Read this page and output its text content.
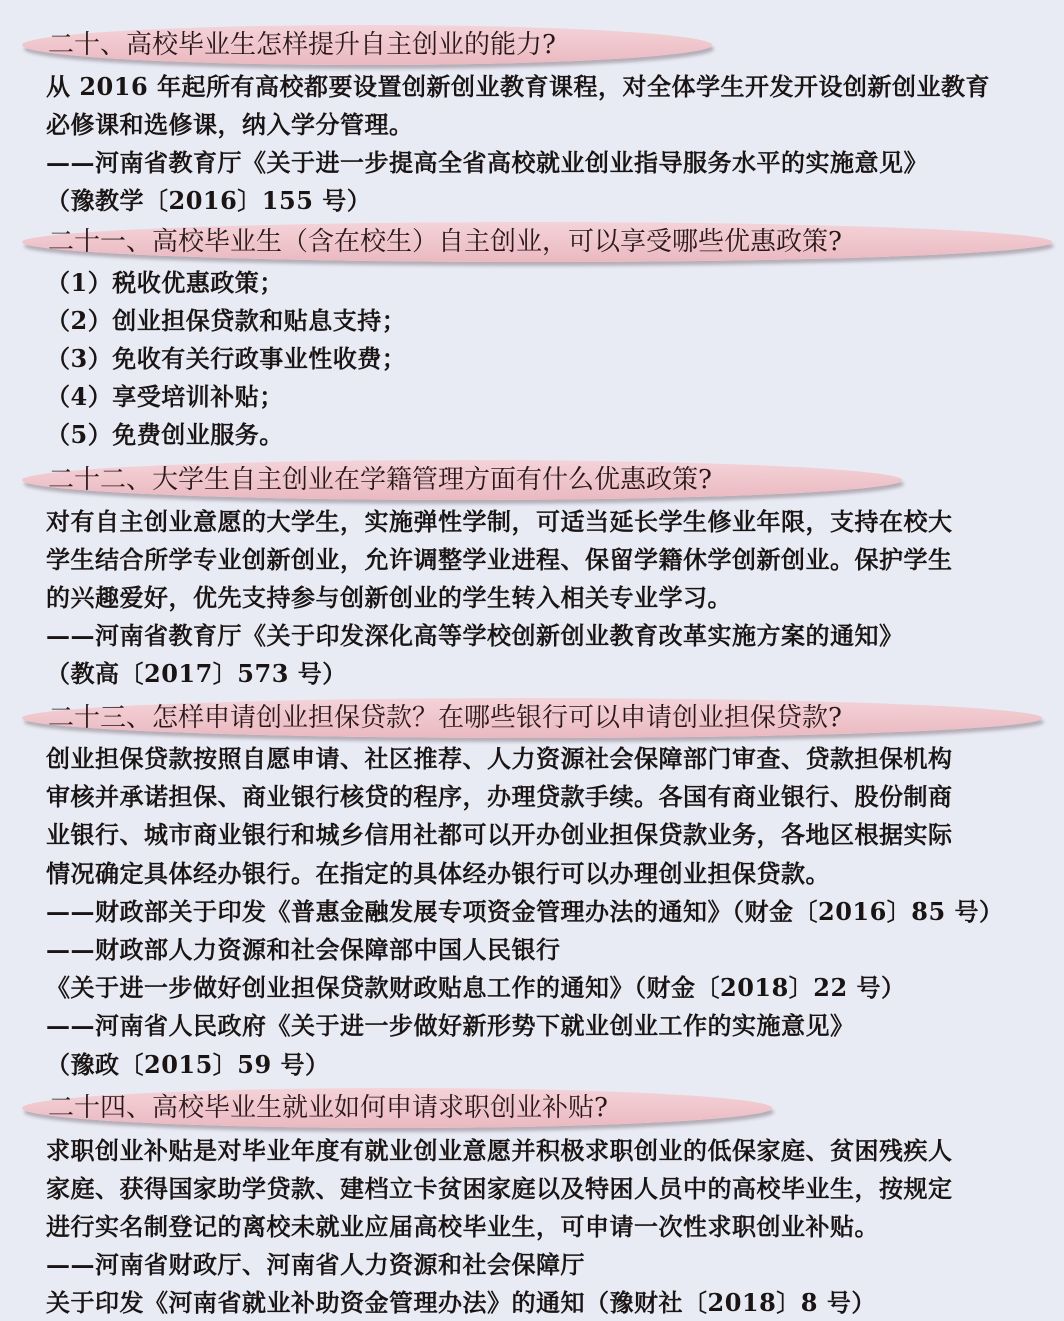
二十、高校毕业生怎样提升自主创业的能力?
从 2016 年起所有高校都要设置创新创业教育课程，对全体学生开发开设创新创业教育
必修课和选修课，纳入学分管理。
——河南省教育厅《关于进一步提高全省高校就业创业指导服务水平的实施意见》
（豫教学〔2016〕155 号）
二十一、高校毕业生（含在校生）自主创业，可以享受哪些优惠政策?
（1）税收优惠政策；
（2）创业担保贷款和贴息支持；
（3）免收有关行政事业性收费；
（4）享受培训补贴；
（5）免费创业服务。
二十二、大学生自主创业在学籍管理方面有什么优惠政策?
对有自主创业意愿的大学生，实施弹性学制，可适当延长学生修业年限，支持在校大
学生结合所学专业创新创业，允许调整学业进程、保留学籍休学创新创业。保护学生
的兴趣爱好，优先支持参与创新创业的学生转入相关专业学习。
——河南省教育厅《关于印发深化高等学校创新创业教育改革实施方案的通知》
（教高〔2017〕573 号）
二十三、怎样申请创业担保贷款？在哪些银行可以申请创业担保贷款?
创业担保贷款按照自愿申请、社区推荐、人力资源社会保障部门审查、贷款担保机构
审核并承诺担保、商业银行核贷的程序，办理贷款手续。各国有商业银行、股份制商
业银行、城市商业银行和城乡信用社都可以开办创业担保贷款业务，各地区根据实际
情况确定具体经办银行。在指定的具体经办银行可以办理创业担保贷款。
——财政部关于印发《普惠金融发展专项资金管理办法的通知》（财金〔2016〕85 号）
——财政部人力资源和社会保障部中国人民银行
《关于进一步做好创业担保贷款财政贴息工作的通知》（财金〔2018〕22 号）
——河南省人民政府《关于进一步做好新形势下就业创业工作的实施意见》
（豫政〔2015〕59 号）
二十四、高校毕业生就业如何申请求职创业补贴?
求职创业补贴是对毕业年度有就业创业意愿并积极求职创业的低保家庭、贫困残疾人
家庭、获得国家助学贷款、建档立卡贫困家庭以及特困人员中的高校毕业生，按规定
进行实名制登记的离校未就业应届高校毕业生，可申请一次性求职创业补贴。
——河南省财政厅、河南省人力资源和社会保障厅
关于印发《河南省就业补助资金管理办法》的通知（豫财社〔2018〕8 号）
